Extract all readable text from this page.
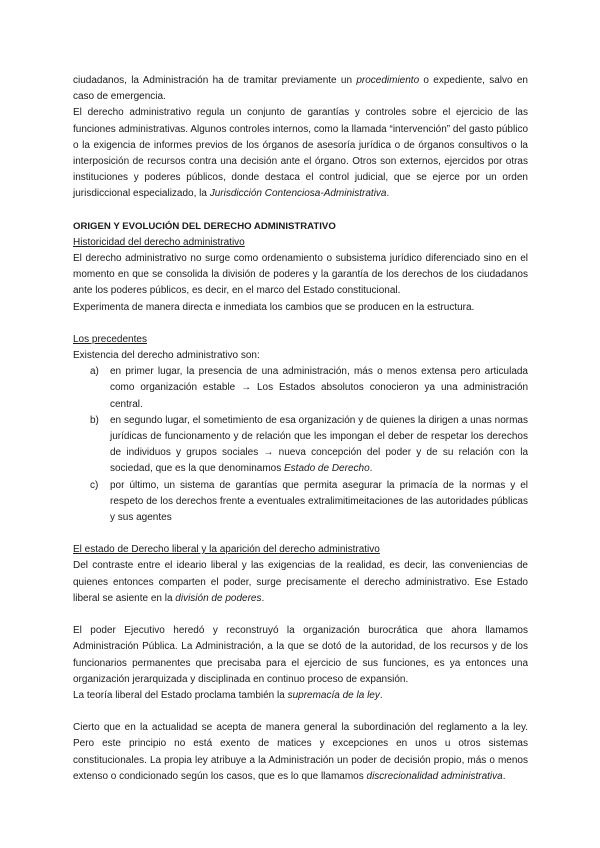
ciudadanos, la Administración ha de tramitar previamente un procedimiento o expediente, salvo en caso de emergencia.

El derecho administrativo regula un conjunto de garantías y controles sobre el ejercicio de las funciones administrativas. Algunos controles internos, como la llamada “intervención” del gasto público o la exigencia de informes previos de los órganos de asesoría jurídica o de órganos consultivos o la interposición de recursos contra una decisión ante el órgano. Otros son externos, ejercidos por otras instituciones y poderes públicos, donde destaca el control judicial, que se ejerce por un orden jurisdiccional especializado, la Jurisdicción Contenciosa-Administrativa.

ORIGEN Y EVOLUCIÓN DEL DERECHO ADMINISTRATIVO

Historicidad del derecho administrativo

El derecho administrativo no surge como ordenamiento o subsistema jurídico diferenciado sino en el momento en que se consolida la división de poderes y la garantía de los derechos de los ciudadanos ante los poderes públicos, es decir, en el marco del Estado constitucional.

Experimenta de manera directa e inmediata los cambios que se producen en la estructura.

Los precedentes

Existencia del derecho administrativo son:

a) en primer lugar, la presencia de una administración, más o menos extensa pero articulada como organización estable → Los Estados absolutos conocieron ya una administración central.
b) en segundo lugar, el sometimiento de esa organización y de quienes la dirigen a unas normas jurídicas de funcionamento y de relación que les impongan el deber de respetar los derechos de individuos y grupos sociales → nueva concepción del poder y de su relación con la sociedad, que es la que denominamos Estado de Derecho.
c) por último, un sistema de garantías que permita asegurar la primacía de la normas y el respeto de los derechos frente a eventuales extralimitimeitaciones de las autoridades públicas y sus agentes

El estado de Derecho liberal y la aparición del derecho administrativo

Del contraste entre el ideario liberal y las exigencias de la realidad, es decir, las conveniencias de quienes entonces comparten el poder, surge precisamente el derecho administrativo. Ese Estado liberal se asiente en la división de poderes.

El poder Ejecutivo heredó y reconstruyó la organización burocrática que ahora llamamos Administración Pública. La Administración, a la que se dotó de la autoridad, de los recursos y de los funcionarios permanentes que precisaba para el ejercicio de sus funciones, es ya entonces una organización jerarquizada y disciplinada en continuo proceso de expansión.

La teoría liberal del Estado proclama también la supremacía de la ley.

Cierto que en la actualidad se acepta de manera general la subordinación del reglamento a la ley. Pero este principio no está exento de matices y excepciones en unos u otros sistemas constitucionales. La propia ley atribuye a la Administración un poder de decisión propio, más o menos extenso o condicionado según los casos, que es lo que llamamos discrecionalidad administrativa.
